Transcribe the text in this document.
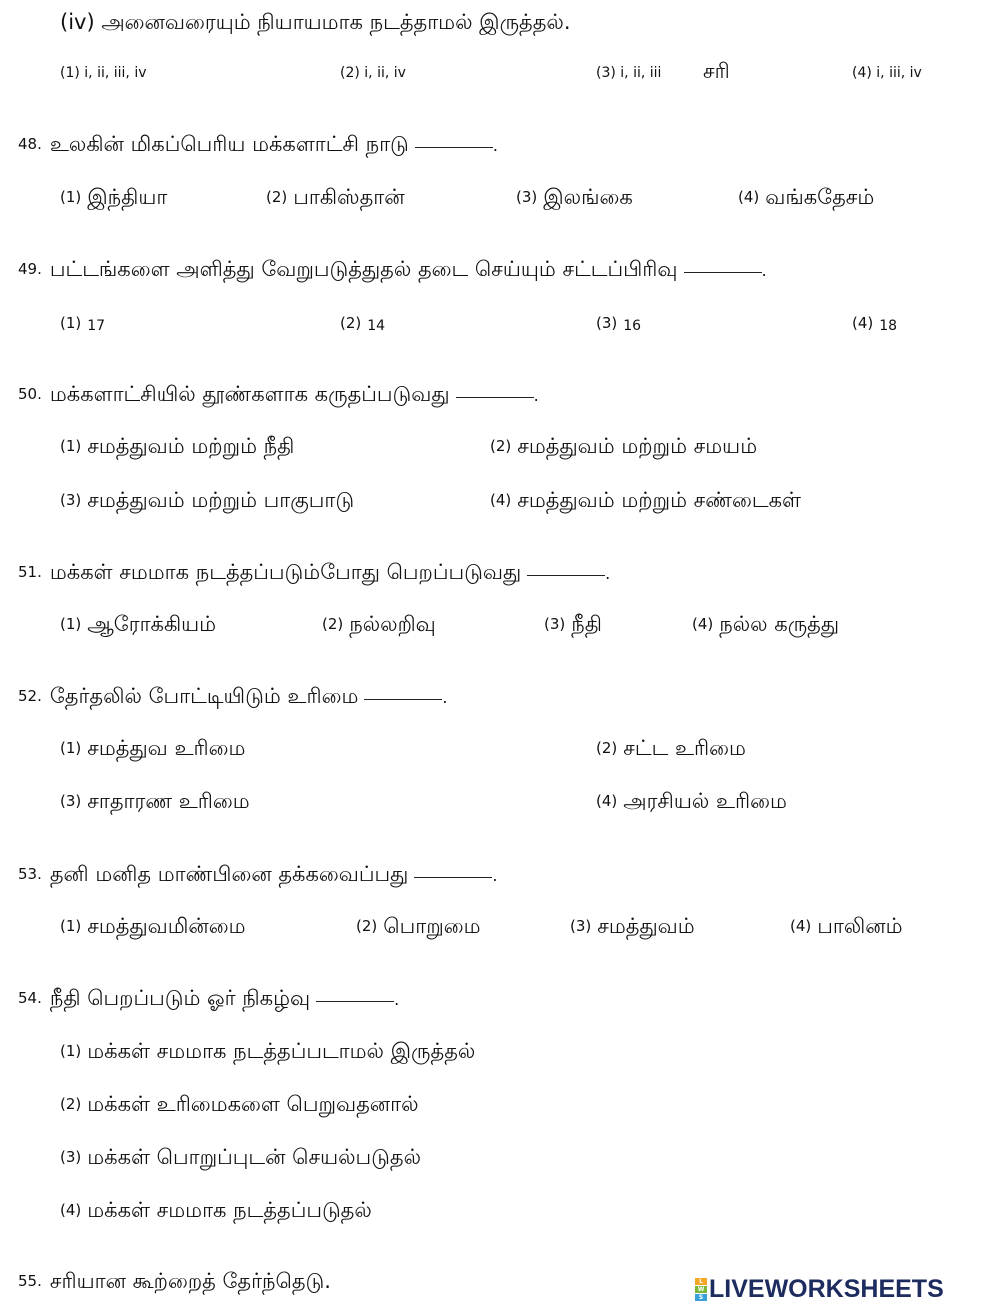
(iv) அனைவரையும் நியாயமாக நடத்தாமல் இருத்தல்.
(1) i, ii, iii, iv	(2) i, ii, iv	(3) i, ii, iii சரி	(4) i, iii, iv
48. உலகின் மிகப்பெரிய மக்களாட்சி நாடு	.
(1) இந்தியா	(2) பாகிஸ்தான்	(3) இலங்கை	(4) வங்கதேசம்
49. பட்டங்களை அளித்து வேறுபடுத்துதல் தடை செய்யும் சட்டப்பிரிவு	.
(1) 17	(2) 14	(3) 16	(4) 18
50. மக்களாட்சியில் தூண்களாக கருதப்படுவது	.
(1) சமத்துவம் மற்றும் நீதி	(2) சமத்துவம் மற்றும் சமயம்
(3) சமத்துவம் மற்றும் பாகுபாடு	(4) சமத்துவம் மற்றும் சண்டைகள்
51. மக்கள் சமமாக நடத்தப்படும்போது பெறப்படுவது	.
(1) ஆரோக்கியம்	(2) நல்லறிவு	(3) நீதி	(4) நல்ல கருத்து
52. தேர்தலில் போட்டியிடும் உரிமை	.
(1) சமத்துவ உரிமை	(2) சட்ட உரிமை
(3) சாதாரண உரிமை	(4) அரசியல் உரிமை
53. தனி மனித மாண்பினை தக்கவைப்பது	.
(1) சமத்துவமின்மை	(2) பொறுமை	(3) சமத்துவம்	(4) பாலினம்
54. நீதி பெறப்படும் ஓர் நிகழ்வு	.
(1) மக்கள் சமமாக நடத்தப்படாமல் இருத்தல்
(2) மக்கள் உரிமைகளை பெறுவதனால்
(3) மக்கள் பொறுப்புடன் செயல்படுதல்
(4) மக்கள் சமமாக நடத்தப்படுதல்
55. சரியான கூற்றைத் தேர்ந்தெடு.	L
W
S LIVEWORKSHEETS
